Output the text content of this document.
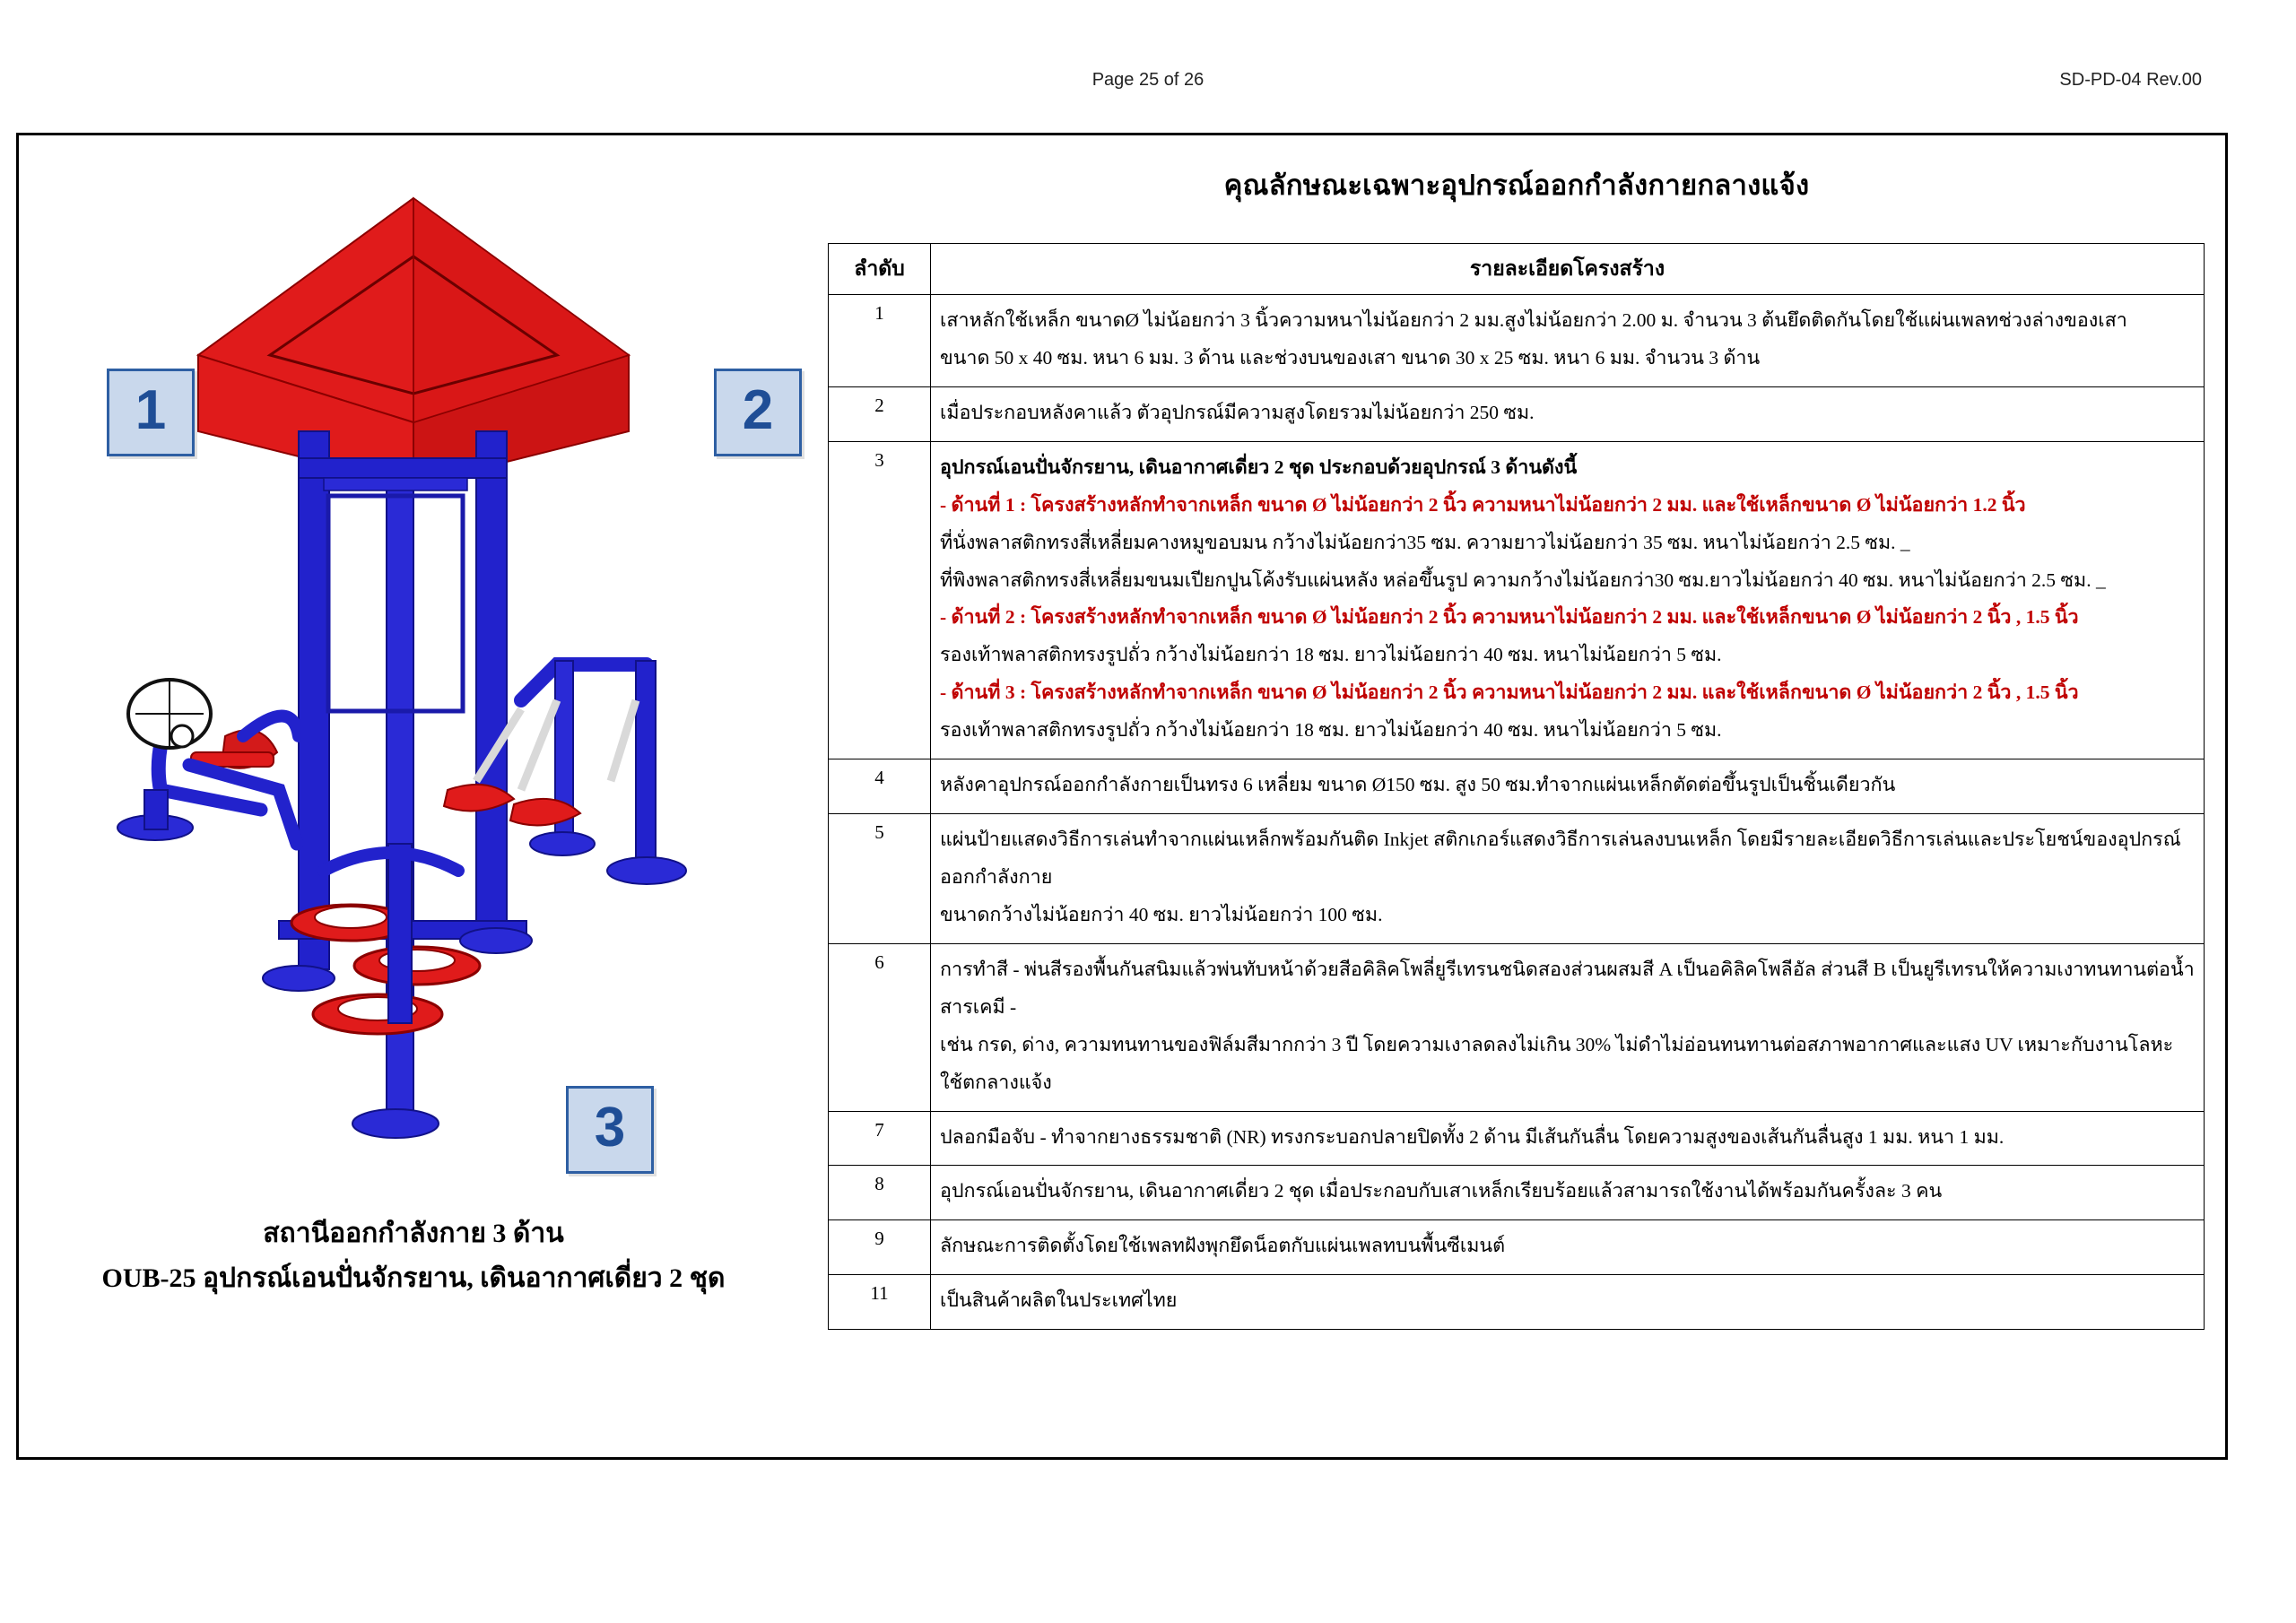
Page 25 of 26	SD-PD-04 Rev.00
1	2
3
สถานีออกกำลังกาย 3 ด้าน
OUB-25 อุปกรณ์เอนปั่นจักรยาน, เดินอากาศเดี่ยว 2 ชุด
คุณลักษณะเฉพาะอุปกรณ์ออกกำลังกายกลางแจ้ง
ลำดับ	รายละเอียดโครงสร้าง
1	เสาหลักใช้เหล็ก ขนาดØ ไม่น้อยกว่า 3 นิ้วความหนาไม่น้อยกว่า 2 มม.สูงไม่น้อยกว่า 2.00 ม. จำนวน 3 ต้นยึดติดกันโดยใช้แผ่นเพลทช่วงล่างของเสา

ขนาด 50 x 40 ซม. หนา 6 มม. 3 ด้าน และช่วงบนของเสา ขนาด 30 x 25 ซม. หนา 6 มม. จำนวน 3 ด้าน

2	เมื่อประกอบหลังคาแล้ว ตัวอุปกรณ์มีความสูงโดยรวมไม่น้อยกว่า 250 ซม.

3	อุปกรณ์เอนปั่นจักรยาน, เดินอากาศเดี่ยว 2 ชุด ประกอบด้วยอุปกรณ์ 3 ด้านดังนี้

- ด้านที่ 1 : โครงสร้างหลักทำจากเหล็ก ขนาด Ø ไม่น้อยกว่า 2 นิ้ว ความหนาไม่น้อยกว่า 2 มม. และใช้เหล็กขนาด Ø ไม่น้อยกว่า 1.2 นิ้ว

ที่นั่งพลาสติกทรงสี่เหลี่ยมคางหมูขอบมน กว้างไม่น้อยกว่า35 ซม. ความยาวไม่น้อยกว่า 35 ซม. หนาไม่น้อยกว่า 2.5 ซม. _

ที่พิงพลาสติกทรงสี่เหลี่ยมขนมเปียกปูนโค้งรับแผ่นหลัง หล่อขึ้นรูป ความกว้างไม่น้อยกว่า30 ซม.ยาวไม่น้อยกว่า 40 ซม. หนาไม่น้อยกว่า 2.5 ซม. _

- ด้านที่ 2 : โครงสร้างหลักทำจากเหล็ก ขนาด Ø ไม่น้อยกว่า 2 นิ้ว ความหนาไม่น้อยกว่า 2 มม. และใช้เหล็กขนาด Ø ไม่น้อยกว่า 2 นิ้ว , 1.5 นิ้ว

รองเท้าพลาสติกทรงรูปถั่ว กว้างไม่น้อยกว่า 18 ซม. ยาวไม่น้อยกว่า 40 ซม. หนาไม่น้อยกว่า 5 ซม.

- ด้านที่ 3 : โครงสร้างหลักทำจากเหล็ก ขนาด Ø ไม่น้อยกว่า 2 นิ้ว ความหนาไม่น้อยกว่า 2 มม. และใช้เหล็กขนาด Ø ไม่น้อยกว่า 2 นิ้ว , 1.5 นิ้ว

รองเท้าพลาสติกทรงรูปถั่ว กว้างไม่น้อยกว่า 18 ซม. ยาวไม่น้อยกว่า 40 ซม. หนาไม่น้อยกว่า 5 ซม.

4	หลังคาอุปกรณ์ออกกำลังกายเป็นทรง 6 เหลี่ยม ขนาด Ø150 ซม. สูง 50 ซม.ทำจากแผ่นเหล็กตัดต่อขึ้นรูปเป็นชิ้นเดียวกัน

5	แผ่นป้ายแสดงวิธีการเล่นทำจากแผ่นเหล็กพร้อมกันติด Inkjet สติกเกอร์แสดงวิธีการเล่นลงบนเหล็ก โดยมีรายละเอียดวิธีการเล่นและประโยชน์ของอุปกรณ์ออกกำลังกาย

ขนาดกว้างไม่น้อยกว่า 40 ซม. ยาวไม่น้อยกว่า 100 ซม.

6	การทำสี - พ่นสีรองพื้นกันสนิมแล้วพ่นทับหน้าด้วยสีอคิลิคโพลี่ยูรีเทรนชนิดสองส่วนผสมสี A เป็นอคิลิคโพลีอัล ส่วนสี B เป็นยูรีเทรนให้ความเงาทนทานต่อน้ำสารเคมี -

เช่น กรด, ด่าง, ความทนทานของฟิล์มสีมากกว่า 3 ปี โดยความเงาลดลงไม่เกิน 30% ไม่ดำไม่อ่อนทนทานต่อสภาพอากาศและแสง UV เหมาะกับงานโลหะใช้ตกลางแจ้ง

7	ปลอกมือจับ - ทำจากยางธรรมชาติ (NR) ทรงกระบอกปลายปิดทั้ง 2 ด้าน มีเส้นกันลื่น โดยความสูงของเส้นกันลื่นสูง 1 มม. หนา 1 มม.

8	อุปกรณ์เอนปั่นจักรยาน, เดินอากาศเดี่ยว 2 ชุด เมื่อประกอบกับเสาเหล็กเรียบร้อยแล้วสามารถใช้งานได้พร้อมกันครั้งละ 3 คน

9	ลักษณะการติดตั้งโดยใช้เพลทฝังพุกยึดน็อตกับแผ่นเพลทบนพื้นซีเมนต์

11	เป็นสินค้าผลิตในประเทศไทย
